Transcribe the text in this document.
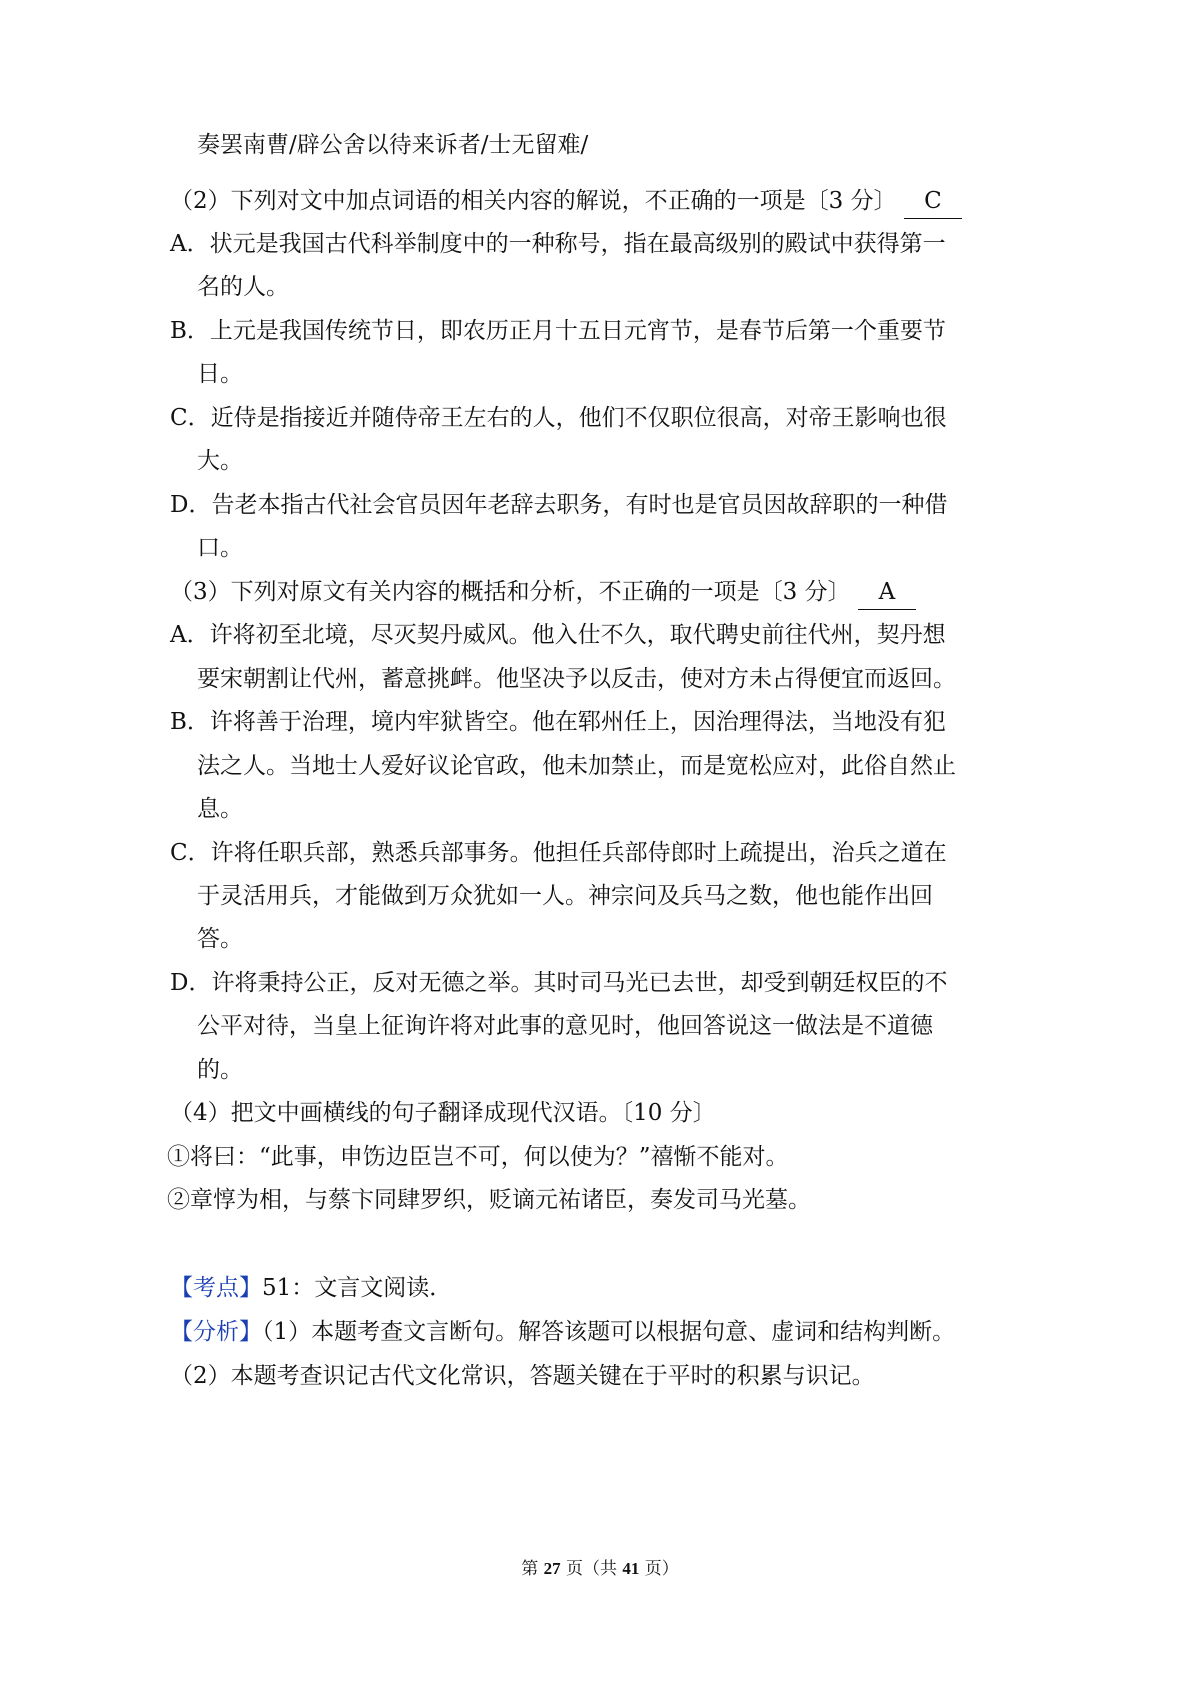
奏罢南曹/辟公舍以待来诉者/士无留难/
（2）下列对文中加点词语的相关内容的解说，不正确的一项是〔3 分〕 C
A．状元是我国古代科举制度中的一种称号，指在最高级别的殿试中获得第一
名的人。
B．上元是我国传统节日，即农历正月十五日元宵节，是春节后第一个重要节
日。
C．近侍是指接近并随侍帝王左右的人，他们不仅职位很高，对帝王影响也很
大。
D．告老本指古代社会官员因年老辞去职务，有时也是官员因故辞职的一种借
口。
（3）下列对原文有关内容的概括和分析，不正确的一项是〔3 分〕 A
A．许将初至北境，尽灭契丹威风。他入仕不久，取代聘史前往代州，契丹想
要宋朝割让代州，蓄意挑衅。他坚决予以反击，使对方未占得便宜而返回。
B．许将善于治理，境内牢狱皆空。他在郓州任上，因治理得法，当地没有犯
法之人。当地士人爱好议论官政，他未加禁止，而是宽松应对，此俗自然止
息。
C．许将任职兵部，熟悉兵部事务。他担任兵部侍郎时上疏提出，治兵之道在
于灵活用兵，才能做到万众犹如一人。神宗问及兵马之数，他也能作出回
答。
D．许将秉持公正，反对无德之举。其时司马光已去世，却受到朝廷权臣的不
公平对待，当皇上征询许将对此事的意见时，他回答说这一做法是不道德
的。
（4）把文中画横线的句子翻译成现代汉语。〔10 分〕
①将曰：“此事，申饬边臣岂不可，何以使为？”禧惭不能对。
②章惇为相，与蔡卞同肆罗织，贬谪元祐诸臣，奏发司马光墓。
【考点】51：文言文阅读．
【分析】（1）本题考查文言断句。解答该题可以根据句意、虚词和结构判断。
（2）本题考查识记古代文化常识，答题关键在于平时的积累与识记。
第 27 页（共 41 页）
